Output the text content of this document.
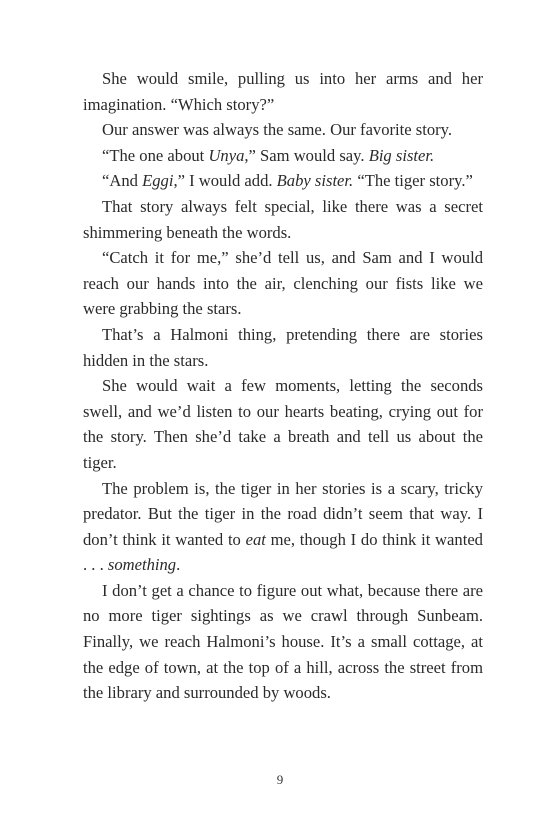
She would smile, pulling us into her arms and her imagination. “Which story?”

Our answer was always the same. Our favorite story.

“The one about Unya,” Sam would say. Big sister.

“And Eggi,” I would add. Baby sister. “The tiger story.”

That story always felt special, like there was a secret shimmering beneath the words.

“Catch it for me,” she’d tell us, and Sam and I would reach our hands into the air, clenching our fists like we were grabbing the stars.

That’s a Halmoni thing, pretending there are stories hidden in the stars.

She would wait a few moments, letting the seconds swell, and we’d listen to our hearts beating, crying out for the story. Then she’d take a breath and tell us about the tiger.

The problem is, the tiger in her stories is a scary, tricky predator. But the tiger in the road didn’t seem that way. I don’t think it wanted to eat me, though I do think it wanted . . . something.

I don’t get a chance to figure out what, because there are no more tiger sightings as we crawl through Sunbeam. Finally, we reach Halmoni’s house. It’s a small cottage, at the edge of town, at the top of a hill, across the street from the library and surrounded by woods.

9
